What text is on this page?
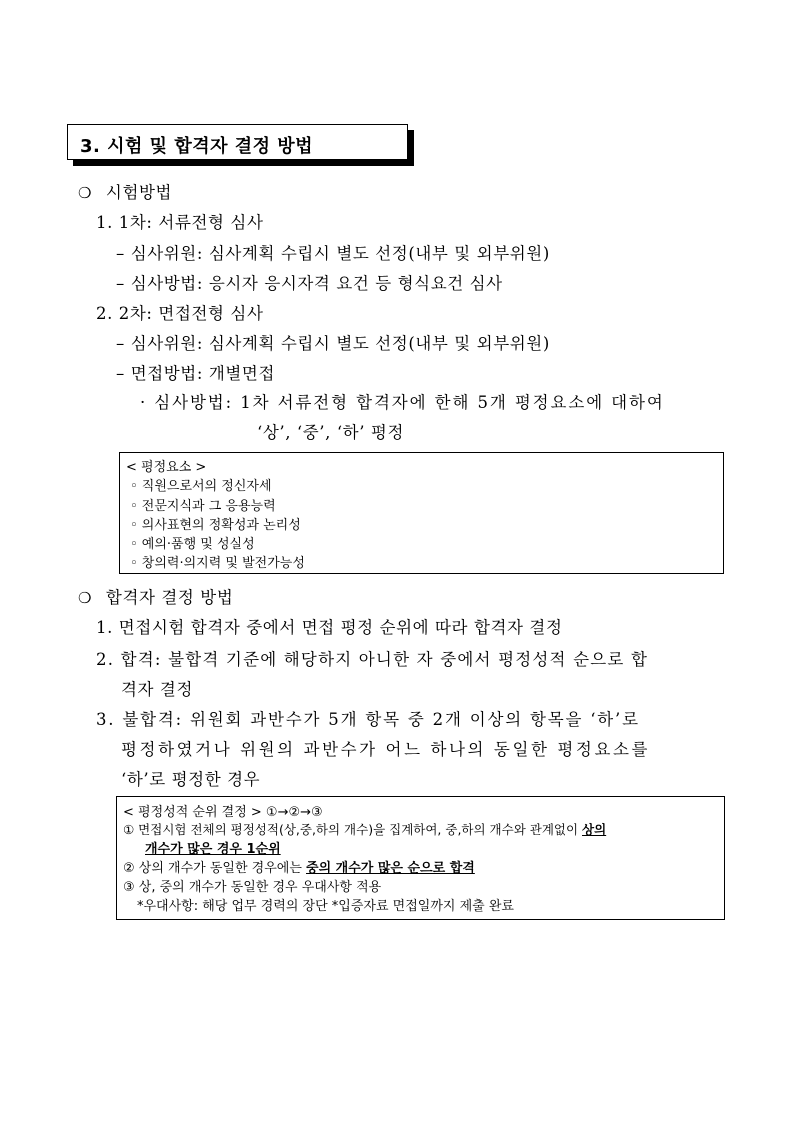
3. 시험 및 합격자 결정 방법
❍ 시험방법
1. 1차: 서류전형 심사
– 심사위원: 심사계획 수립시 별도 선정(내부 및 외부위원)
– 심사방법: 응시자 응시자격 요건 등 형식요건 심사
2. 2차: 면접전형 심사
– 심사위원: 심사계획 수립시 별도 선정(내부 및 외부위원)
– 면접방법: 개별면접
· 심사방법: 1차 서류전형 합격자에 한해 5개 평정요소에 대하여
‘상’, ‘중’, ‘하’ 평정
< 평정요소 >
◦ 직원으로서의 정신자세
◦ 전문지식과 그 응용능력
◦ 의사표현의 정확성과 논리성
◦ 예의·품행 및 성실성
◦ 창의력·의지력 및 발전가능성
❍ 합격자 결정 방법
1. 면접시험 합격자 중에서 면접 평정 순위에 따라 합격자 결정
2. 합격: 불합격 기준에 해당하지 아니한 자 중에서 평정성적 순으로 합
격자 결정
3. 불합격: 위원회 과반수가 5개 항목 중 2개 이상의 항목을 ‘하’로
평정하였거나 위원의 과반수가 어느 하나의 동일한 평정요소를
‘하’로 평정한 경우
< 평정성적 순위 결정 > ①→②→③
① 면접시험 전체의 평정성적(상,중,하의 개수)을 집계하여, 중,하의 개수와 관계없이 상의
개수가 많은 경우 1순위
② 상의 개수가 동일한 경우에는 중의 개수가 많은 순으로 합격
③ 상, 중의 개수가 동일한 경우 우대사항 적용
*우대사항: 해당 업무 경력의 장단 *입증자료 면접일까지 제출 완료
